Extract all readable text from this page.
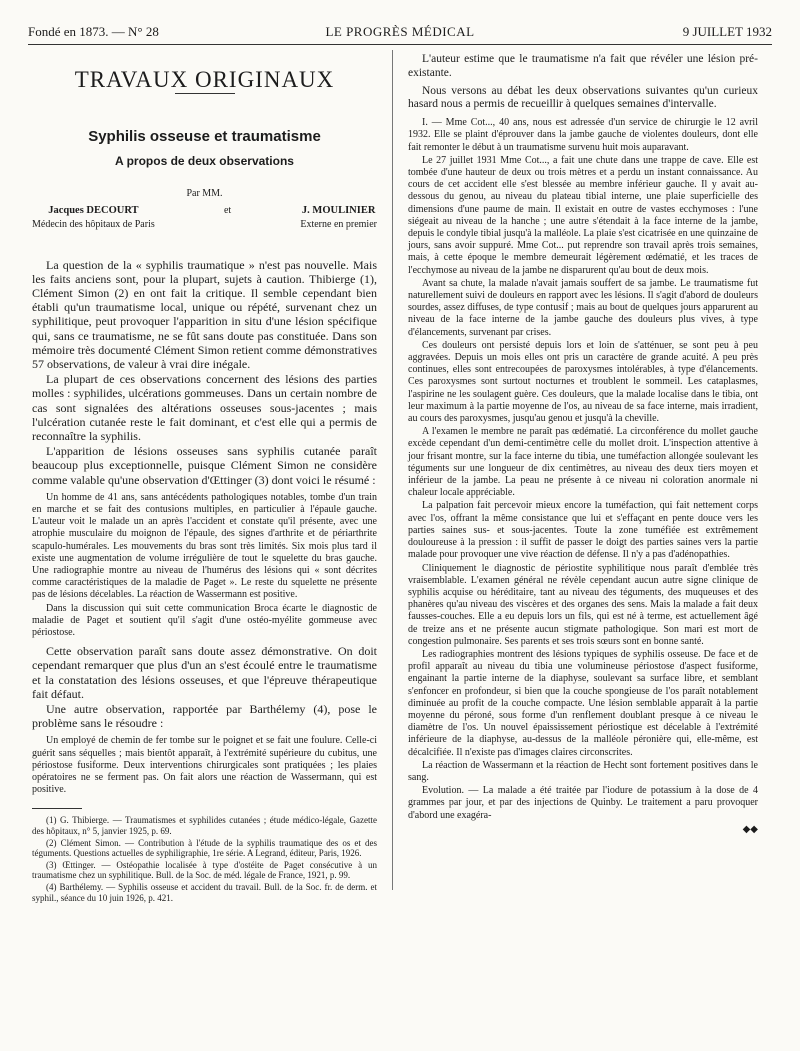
Fondé en 1873. — N° 28	LE PROGRÈS MÉDICAL	9 JUILLET 1932
TRAVAUX ORIGINAUX
Syphilis osseuse et traumatisme
A propos de deux observations
Par MM.
Jacques DECOURT
Médecin des hôpitaux de Paris
et	J. MOULINIER
Externe en premier

La question de la « syphilis traumatique » n'est pas nouvelle. Mais les faits anciens sont, pour la plupart, sujets à caution. Thibierge (1), Clément Simon (2) en ont fait la critique. Il semble cependant bien établi qu'un traumatisme local, unique ou répété, survenant chez un syphilitique, peut provoquer l'apparition in situ d'une lésion spécifique qui, sans ce traumatisme, ne se fût sans doute pas constituée. Dans son mémoire très documenté Clément Simon retient comme démonstratives 57 observations, de valeur à vrai dire inégale.

La plupart de ces observations concernent des lésions des parties molles : syphilides, ulcérations gommeuses. Dans un certain nombre de cas sont signalées des altérations osseuses sous-jacentes ; mais l'ulcération cutanée reste le fait dominant, et c'est elle qui a permis de reconnaître la syphilis.

L'apparition de lésions osseuses sans syphilis cutanée paraît beaucoup plus exceptionnelle, puisque Clément Simon ne considère comme valable qu'une observation d'Œttinger (3) dont voici le résumé :

Un homme de 41 ans, sans antécédents pathologiques notables, tombe d'un train en marche et se fait des contusions multiples, en particulier à l'épaule gauche. L'auteur voit le malade un an après l'accident et constate qu'il présente, avec une atrophie musculaire du moignon de l'épaule, des signes d'arthrite et de périarthrite scapulo-humérales. Les mouvements du bras sont très limités. Six mois plus tard il existe une augmentation de volume irrégulière de tout le squelette du bras gauche. Une radiographie montre au niveau de l'humérus des lésions qui « sont décrites comme caractéristiques de la maladie de Paget ». Le reste du squelette ne présente pas de lésions décelables. La réaction de Wassermann est positive.

Dans la discussion qui suit cette communication Broca écarte le diagnostic de maladie de Paget et soutient qu'il s'agit d'une ostéo-myélite gommeuse avec périostose.

Cette observation paraît sans doute assez démonstrative. On doit cependant remarquer que plus d'un an s'est écoulé entre le traumatisme et la constatation des lésions osseuses, et que l'épreuve thérapeutique fait défaut.

Une autre observation, rapportée par Barthélemy (4), pose le problème sans le résoudre :

Un employé de chemin de fer tombe sur le poignet et se fait une foulure. Celle-ci guérit sans séquelles ; mais bientôt apparaît, à l'extrémité supérieure du cubitus, une périostose fusiforme. Deux interventions chirurgicales sont pratiquées ; les plaies opératoires ne se ferment pas. On fait alors une réaction de Wassermann, qui est positive.

(1) G. Thibierge. — Traumatismes et syphilides cutanées ; étude médico-légale, Gazette des hôpitaux, n° 5, janvier 1925, p. 69.

(2) Clément Simon. — Contribution à l'étude de la syphilis traumatique des os et des téguments. Questions actuelles de syphiligraphie, 1re série. A Legrand, éditeur, Paris, 1926.

(3) Œttinger. — Ostéopathie localisée à type d'ostéite de Paget consécutive à un traumatisme chez un syphilitique. Bull. de la Soc. de méd. légale de France, 1921, p. 99.

(4) Barthélemy. — Syphilis osseuse et accident du travail. Bull. de la Soc. fr. de derm. et syphil., séance du 10 juin 1926, p. 421.

L'auteur estime que le traumatisme n'a fait que révéler une lésion pré-existante.

Nous versons au débat les deux observations suivantes qu'un curieux hasard nous a permis de recueillir à quelques semaines d'intervalle.

I. — Mme Cot..., 40 ans, nous est adressée d'un service de chirurgie le 12 avril 1932. Elle se plaint d'éprouver dans la jambe gauche de violentes douleurs, dont elle fait remonter le début à un traumatisme survenu huit mois auparavant.

Le 27 juillet 1931 Mme Cot..., a fait une chute dans une trappe de cave. Elle est tombée d'une hauteur de deux ou trois mètres et a perdu un instant connaissance. Au cours de cet accident elle s'est blessée au membre inférieur gauche. Il y avait au-dessous du genou, au niveau du plateau tibial interne, une plaie superficielle des dimensions d'une paume de main. Il existait en outre de vastes ecchymoses : l'une siégeait au niveau de la hanche ; une autre s'étendait à la face interne de la jambe, depuis le condyle tibial jusqu'à la malléole. La plaie s'est cicatrisée en une quinzaine de jours, sans avoir suppuré. Mme Cot... put reprendre son travail après trois semaines, mais, à cette époque le membre demeurait légèrement œdématié, et les traces de l'ecchymose au niveau de la jambe ne disparurent qu'au bout de deux mois.

Avant sa chute, la malade n'avait jamais souffert de sa jambe. Le traumatisme fut naturellement suivi de douleurs en rapport avec les lésions. Il s'agit d'abord de douleurs sourdes, assez diffuses, de type contusif ; mais au bout de quelques jours apparurent au niveau de la face interne de la jambe gauche des douleurs plus vives, à type d'élancements, survenant par crises.

Ces douleurs ont persisté depuis lors et loin de s'atténuer, se sont peu à peu aggravées. Depuis un mois elles ont pris un caractère de grande acuité. A peu près continues, elles sont entrecoupées de paroxysmes intolérables, à type d'élancements. Ces paroxysmes sont surtout nocturnes et troublent le sommeil. Les cataplasmes, l'aspirine ne les soulagent guère. Ces douleurs, que la malade localise dans le tibia, ont leur maximum à la partie moyenne de l'os, au niveau de sa face interne, mais irradient, au cours des paroxysmes, jusqu'au genou et jusqu'à la cheville.

A l'examen le membre ne paraît pas œdématié. La circonférence du mollet gauche excède cependant d'un demi-centimètre celle du mollet droit. L'inspection attentive à jour frisant montre, sur la face interne du tibia, une tuméfaction allongée soulevant les téguments sur une longueur de dix centimètres, au niveau des deux tiers moyen et inférieur de la jambe. La peau ne présente à ce niveau ni coloration anormale ni chaleur locale appréciable.

La palpation fait percevoir mieux encore la tuméfaction, qui fait nettement corps avec l'os, offrant la même consistance que lui et s'effaçant en pente douce vers les parties saines sus- et sous-jacentes. Toute la zone tuméfiée est extrêmement douloureuse à la pression : il suffit de passer le doigt des parties saines vers la partie malade pour provoquer une vive réaction de défense. Il n'y a pas d'adénopathies.

Cliniquement le diagnostic de périostite syphilitique nous paraît d'emblée très vraisemblable. L'examen général ne révèle cependant aucun autre signe clinique de syphilis acquise ou héréditaire, tant au niveau des téguments, des muqueuses et des phanères qu'au niveau des viscères et des organes des sens. Mais la malade a fait deux fausses-couches. Elle a eu depuis lors un fils, qui est né à terme, est actuellement âgé de treize ans et ne présente aucun stigmate pathologique. Son mari est mort de congestion pulmonaire. Ses parents et ses trois sœurs sont en bonne santé.

Les radiographies montrent des lésions typiques de syphilis osseuse. De face et de profil apparaît au niveau du tibia une volumineuse périostose d'aspect fusiforme, engainant la partie interne de la diaphyse, soulevant sa surface libre, et semblant s'enfoncer en profondeur, si bien que la couche spongieuse de l'os paraît notablement diminuée au profit de la couche compacte. Une lésion semblable apparaît à la partie moyenne du péroné, sous forme d'un renflement doublant presque à ce niveau le diamètre de l'os. Un nouvel épaississement périostique est décelable à l'extrémité inférieure de la diaphyse, au-dessus de la malléole péronière qui, elle-même, est décalcifiée. Il n'existe pas d'images claires circonscrites.

La réaction de Wassermann et la réaction de Hecht sont fortement positives dans le sang.

Evolution. — La malade a été traitée par l'iodure de potassium à la dose de 4 grammes par jour, et par des injections de Quinby. Le traitement a paru provoquer d'abord une exagéra-

◆◆
